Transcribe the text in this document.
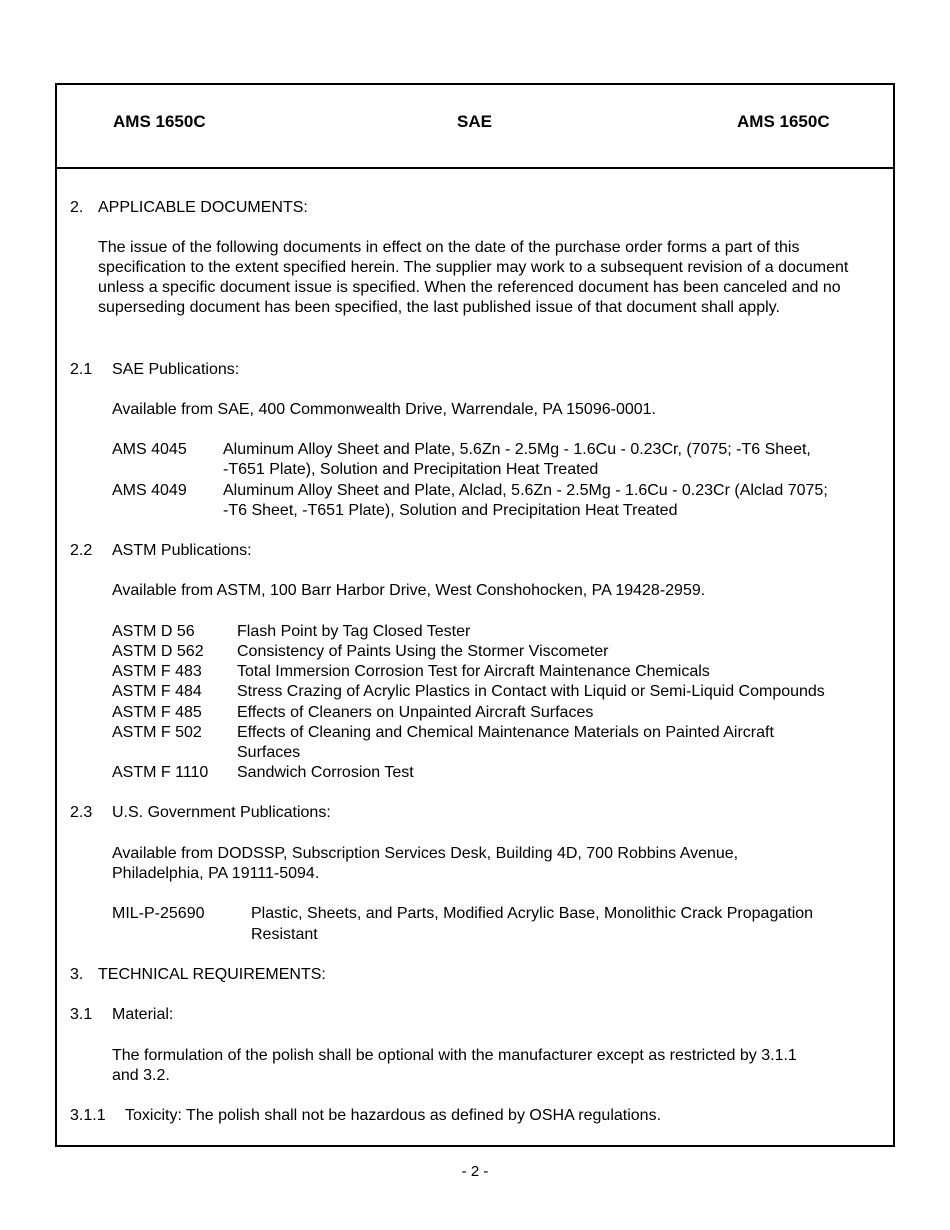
AMS 1650C	SAE	AMS 1650C
2. APPLICABLE DOCUMENTS:
The issue of the following documents in effect on the date of the purchase order forms a part of this specification to the extent specified herein. The supplier may work to a subsequent revision of a document unless a specific document issue is specified. When the referenced document has been canceled and no superseding document has been specified, the last published issue of that document shall apply.
2.1 SAE Publications:
Available from SAE, 400 Commonwealth Drive, Warrendale, PA 15096-0001.
AMS 4045 Aluminum Alloy Sheet and Plate, 5.6Zn - 2.5Mg - 1.6Cu - 0.23Cr, (7075; -T6 Sheet,
-T651 Plate), Solution and Precipitation Heat Treated
AMS 4049 Aluminum Alloy Sheet and Plate, Alclad, 5.6Zn - 2.5Mg - 1.6Cu - 0.23Cr (Alclad 7075;
-T6 Sheet, -T651 Plate), Solution and Precipitation Heat Treated
2.2 ASTM Publications:
Available from ASTM, 100 Barr Harbor Drive, West Conshohocken, PA 19428-2959.
ASTM D 56	Flash Point by Tag Closed Tester
ASTM D 562 Consistency of Paints Using the Stormer Viscometer
ASTM F 483 Total Immersion Corrosion Test for Aircraft Maintenance Chemicals
ASTM F 484 Stress Crazing of Acrylic Plastics in Contact with Liquid or Semi-Liquid Compounds
ASTM F 485 Effects of Cleaners on Unpainted Aircraft Surfaces
ASTM F 502 Effects of Cleaning and Chemical Maintenance Materials on Painted Aircraft
Surfaces
ASTM F 1110 Sandwich Corrosion Test
2.3 U.S. Government Publications:
Available from DODSSP, Subscription Services Desk, Building 4D, 700 Robbins Avenue,
Philadelphia, PA 19111-5094.
MIL-P-25690	Plastic, Sheets, and Parts, Modified Acrylic Base, Monolithic Crack Propagation
Resistant
3. TECHNICAL REQUIREMENTS:
3.1 Material:
The formulation of the polish shall be optional with the manufacturer except as restricted by 3.1.1
and 3.2.
3.1.1 Toxicity: The polish shall not be hazardous as defined by OSHA regulations.
- 2 -
